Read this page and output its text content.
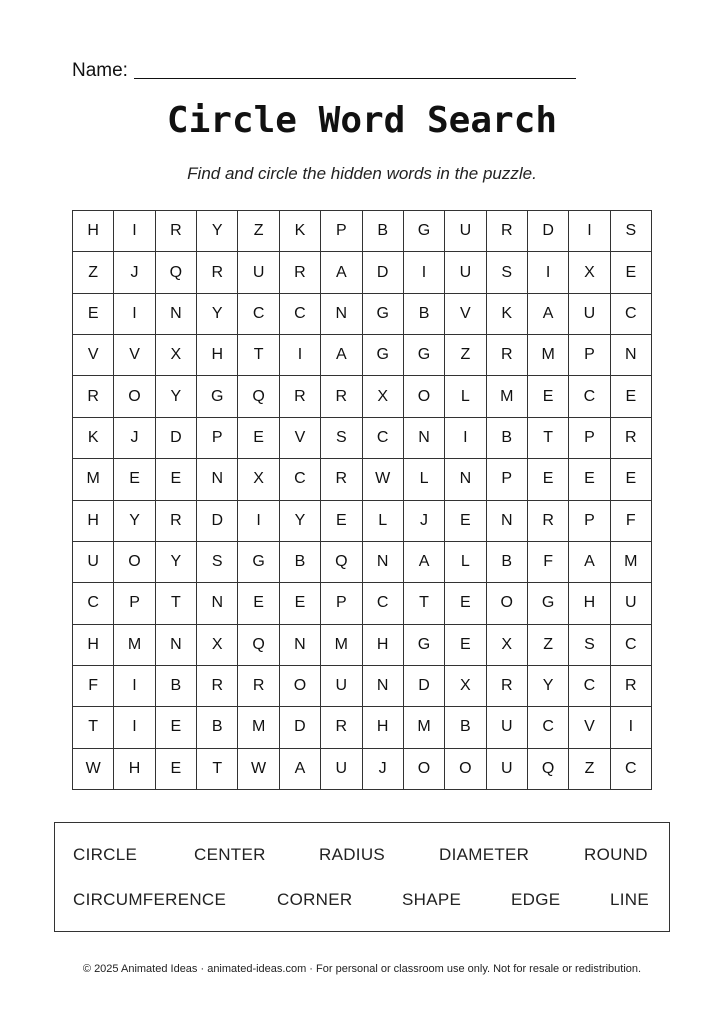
Name:
Circle Word Search

Find and circle the hidden words in the puzzle.

H	I	R	Y	Z	K	P	B	G	U	R	D	I	S
Z	J	Q	R	U	R	A	D	I	U	S	I	X	E
E	I	N	Y	C	C	N	G	B	V	K	A	U	C
V	V	X	H	T	I	A	G	G	Z	R	M	P	N
R	O	Y	G	Q	R	R	X	O	L	M	E	C	E
K	J	D	P	E	V	S	C	N	I	B	T	P	R
M	E	E	N	X	C	R	W	L	N	P	E	E	E
H	Y	R	D	I	Y	E	L	J	E	N	R	P	F
U	O	Y	S	G	B	Q	N	A	L	B	F	A	M
C	P	T	N	E	E	P	C	T	E	O	G	H	U
H	M	N	X	Q	N	M	H	G	E	X	Z	S	C
F	I	B	R	R	O	U	N	D	X	R	Y	C	R
T	I	E	B	M	D	R	H	M	B	U	C	V	I
W	H	E	T	W	A	U	J	O	O	U	Q	Z	C
CIRCLE	CENTER	RADIUS	DIAMETER	ROUND
CIRCUMFERENCE	CORNER	SHAPE	EDGE	LINE
© 2025 Animated Ideas · animated-ideas.com · For personal or classroom use only. Not for resale or redistribution.
